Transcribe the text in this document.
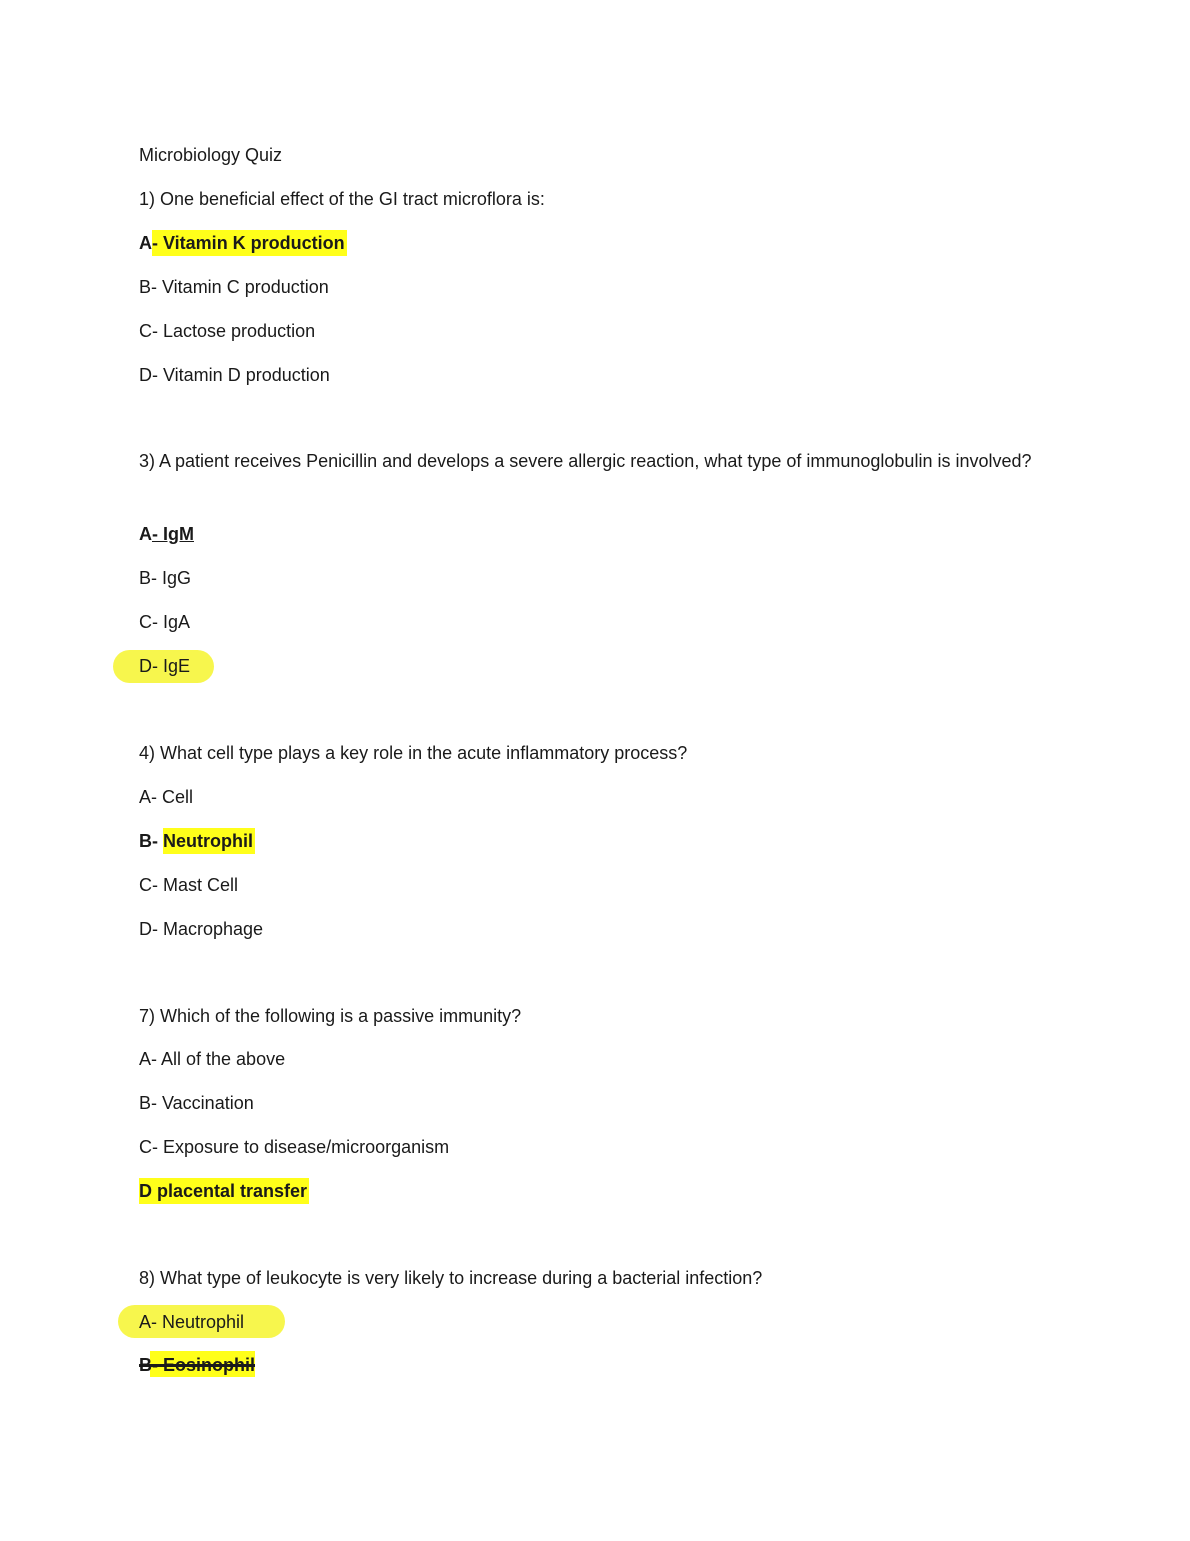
Microbiology Quiz
1) One beneficial effect of the GI tract microflora is:
A- Vitamin K production
B- Vitamin C production
C- Lactose production
D- Vitamin D production
3) A patient receives Penicillin and develops a severe allergic reaction, what type of immunoglobulin is involved?
A- IgM
B- IgG
C- IgA
D- IgE
4) What cell type plays a key role in the acute inflammatory process?
A- Cell
B- Neutrophil
C- Mast Cell
D- Macrophage
7) Which of the following is a passive immunity?
A- All of the above
B- Vaccination
C- Exposure to disease/microorganism
D placental transfer
8) What type of leukocyte is very likely to increase during a bacterial infection?
A- Neutrophil
B- Eosinophil
